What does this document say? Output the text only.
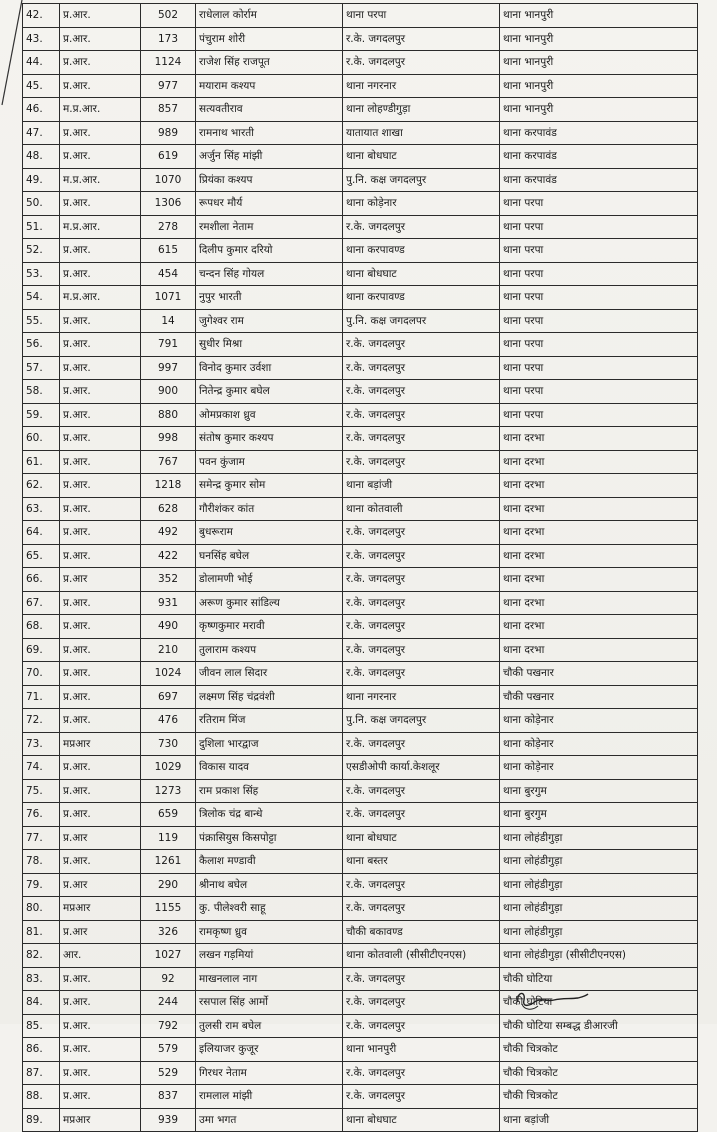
42.	प्र.आर.	502	राधेलाल कोर्राम	थाना परपा	थाना भानपुरी
43.	प्र.आर.	173	पंचुराम शोरी	र.के. जगदलपुर	थाना भानपुरी
44.	प्र.आर.	1124	राजेश सिंह राजपूत	र.के. जगदलपुर	थाना भानपुरी
45.	प्र.आर.	977	मयाराम कश्यप	थाना नगरनार	थाना भानपुरी
46.	म.प्र.आर.	857	सत्यवतीराव	थाना लोहण्डीगुड़ा	थाना भानपुरी
47.	प्र.आर.	989	रामनाथ भारती	यातायात शाखा	थाना करपावंड
48.	प्र.आर.	619	अर्जुन सिंह मांझी	थाना बोधघाट	थाना करपावंड
49.	म.प्र.आर.	1070	प्रियंका कश्यप	पु.नि. कक्ष जगदलपुर	थाना करपावंड
50.	प्र.आर.	1306	रूपधर मौर्य	थाना कोड़ेनार	थाना परपा
51.	म.प्र.आर.	278	रमशीला नेताम	र.के. जगदलपुर	थाना परपा
52.	प्र.आर.	615	दिलीप कुमार दरियो	थाना करपावण्ड	थाना परपा
53.	प्र.आर.	454	चन्दन सिंह गोयल	थाना बोधघाट	थाना परपा
54.	म.प्र.आर.	1071	नुपुर भारती	थाना करपावण्ड	थाना परपा
55.	प्र.आर.	14	जुगेश्वर राम	पु.नि. कक्ष जगदलपर	थाना परपा
56.	प्र.आर.	791	सुधीर मिश्रा	र.के. जगदलपुर	थाना परपा
57.	प्र.आर.	997	विनोद कुमार उर्वशा	र.के. जगदलपुर	थाना परपा
58.	प्र.आर.	900	नितेन्द्र कुमार बघेल	र.के. जगदलपुर	थाना परपा
59.	प्र.आर.	880	ओमप्रकाश ध्रुव	र.के. जगदलपुर	थाना परपा
60.	प्र.आर.	998	संतोष कुमार कश्यप	र.के. जगदलपुर	थाना दरभा
61.	प्र.आर.	767	पवन कुंजाम	र.के. जगदलपुर	थाना दरभा
62.	प्र.आर.	1218	समेन्द्र कुमार सोम	थाना बड़ांजी	थाना दरभा
63.	प्र.आर.	628	गौरीशंकर कांत	थाना कोतवाली	थाना दरभा
64.	प्र.आर.	492	बुधरूराम	र.के. जगदलपुर	थाना दरभा
65.	प्र.आर.	422	घनसिंह बघेल	र.के. जगदलपुर	थाना दरभा
66.	प्र.आर	352	डोलामणी भोई	र.के. जगदलपुर	थाना दरभा
67.	प्र.आर.	931	अरूण कुमार सांडिल्य	र.के. जगदलपुर	थाना दरभा
68.	प्र.आर.	490	कृष्णकुमार मरावी	र.के. जगदलपुर	थाना दरभा
69.	प्र.आर.	210	तुलाराम कश्यप	र.के. जगदलपुर	थाना दरभा
70.	प्र.आर.	1024	जीवन लाल सिदार	र.के. जगदलपुर	चौकी पखनार
71.	प्र.आर.	697	लक्ष्मण सिंह चंद्रवंशी	थाना नगरनार	चौकी पखनार
72.	प्र.आर.	476	रतिराम मिंज	पु.नि. कक्ष जगदलपुर	थाना कोड़ेनार
73.	मप्रआर	730	दुशिला भारद्वाज	र.के. जगदलपुर	थाना कोड़ेनार
74.	प्र.आर.	1029	विकास यादव	एसडीओपी कार्या.केशलूर	थाना कोड़ेनार
75.	प्र.आर.	1273	राम प्रकाश सिंह	र.के. जगदलपुर	थाना बुरगुम
76.	प्र.आर.	659	त्रिलोक चंद्र बान्धे	र.के. जगदलपुर	थाना बुरगुम
77.	प्र.आर	119	पंक्रासियुस किसपोट्टा	थाना बोधघाट	थाना लोहंडीगुड़ा
78.	प्र.आर.	1261	कैलाश मण्डावी	थाना बस्तर	थाना लोहंडीगुड़ा
79.	प्र.आर	290	श्रीनाथ बघेल	र.के. जगदलपुर	थाना लोहंडीगुड़ा
80.	मप्रआर	1155	कु. पीलेश्वरी साहू	र.के. जगदलपुर	थाना लोहंडीगुड़ा
81.	प्र.आर	326	रामकृष्ण ध्रुव	चौकी बकावण्ड	थाना लोहंडीगुड़ा
82.	आर.	1027	लखन गड़मियां	थाना कोतवाली (सीसीटीएनएस)	थाना लोहंडीगुड़ा (सीसीटीएनएस)
83.	प्र.आर.	92	माखनलाल नाग	र.के. जगदलपुर	चौकी घोटिया
84.	प्र.आर.	244	रसपाल सिंह आर्मो	र.के. जगदलपुर	चौकी घोटिया
85.	प्र.आर.	792	तुलसी राम बघेल	र.के. जगदलपुर	चौकी घोटिया सम्बद्ध डीआरजी
86.	प्र.आर.	579	इलियाजर कुजूर	थाना भानपुरी	चौकी चित्रकोट
87.	प्र.आर.	529	गिरधर नेताम	र.के. जगदलपुर	चौकी चित्रकोट
88.	प्र.आर.	837	रामलाल मांझी	र.के. जगदलपुर	चौकी चित्रकोट
89.	मप्रआर	939	उमा भगत	थाना बोधघाट	थाना बड़ांजी
